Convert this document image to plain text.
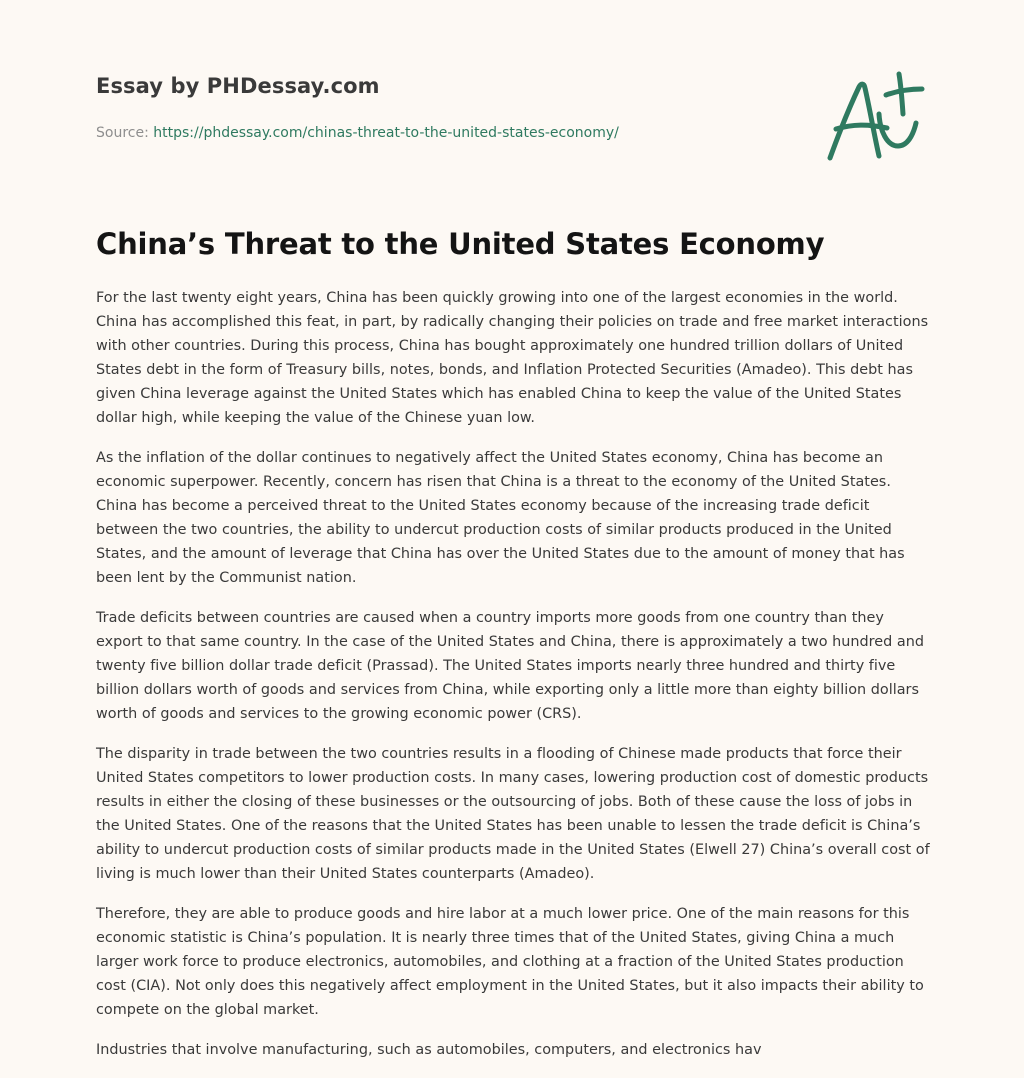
Essay by PHDessay.com
Source: https://phdessay.com/chinas-threat-to-the-united-states-economy/
China’s Threat to the United States Economy

For the last twenty eight years, China has been quickly growing into one of the largest economies in the world. China has accomplished this feat, in part, by radically changing their policies on trade and free market interactions with other countries. During this process, China has bought approximately one hundred trillion dollars of United States debt in the form of Treasury bills, notes, bonds, and Inflation Protected Securities (Amadeo). This debt has given China leverage against the United States which has enabled China to keep the value of the United States dollar high, while keeping the value of the Chinese yuan low.

As the inflation of the dollar continues to negatively affect the United States economy, China has become an economic superpower. Recently, concern has risen that China is a threat to the economy of the United States. China has become a perceived threat to the United States economy because of the increasing trade deficit between the two countries, the ability to undercut production costs of similar products produced in the United States, and the amount of leverage that China has over the United States due to the amount of money that has been lent by the Communist nation.

Trade deficits between countries are caused when a country imports more goods from one country than they export to that same country. In the case of the United States and China, there is approximately a two hundred and twenty five billion dollar trade deficit (Prassad). The United States imports nearly three hundred and thirty five billion dollars worth of goods and services from China, while exporting only a little more than eighty billion dollars worth of goods and services to the growing economic power (CRS).

The disparity in trade between the two countries results in a flooding of Chinese made products that force their United States competitors to lower production costs. In many cases, lowering production cost of domestic products results in either the closing of these businesses or the outsourcing of jobs. Both of these cause the loss of jobs in the United States. One of the reasons that the United States has been unable to lessen the trade deficit is China’s ability to undercut production costs of similar products made in the United States (Elwell 27) China’s overall cost of living is much lower than their United States counterparts (Amadeo).

Therefore, they are able to produce goods and hire labor at a much lower price. One of the main reasons for this economic statistic is China’s population. It is nearly three times that of the United States, giving China a much larger work force to produce electronics, automobiles, and clothing at a fraction of the United States production cost (CIA). Not only does this negatively affect employment in the United States, but it also impacts their ability to compete on the global market.

Industries that involve manufacturing, such as automobiles, computers, and electronics hav
